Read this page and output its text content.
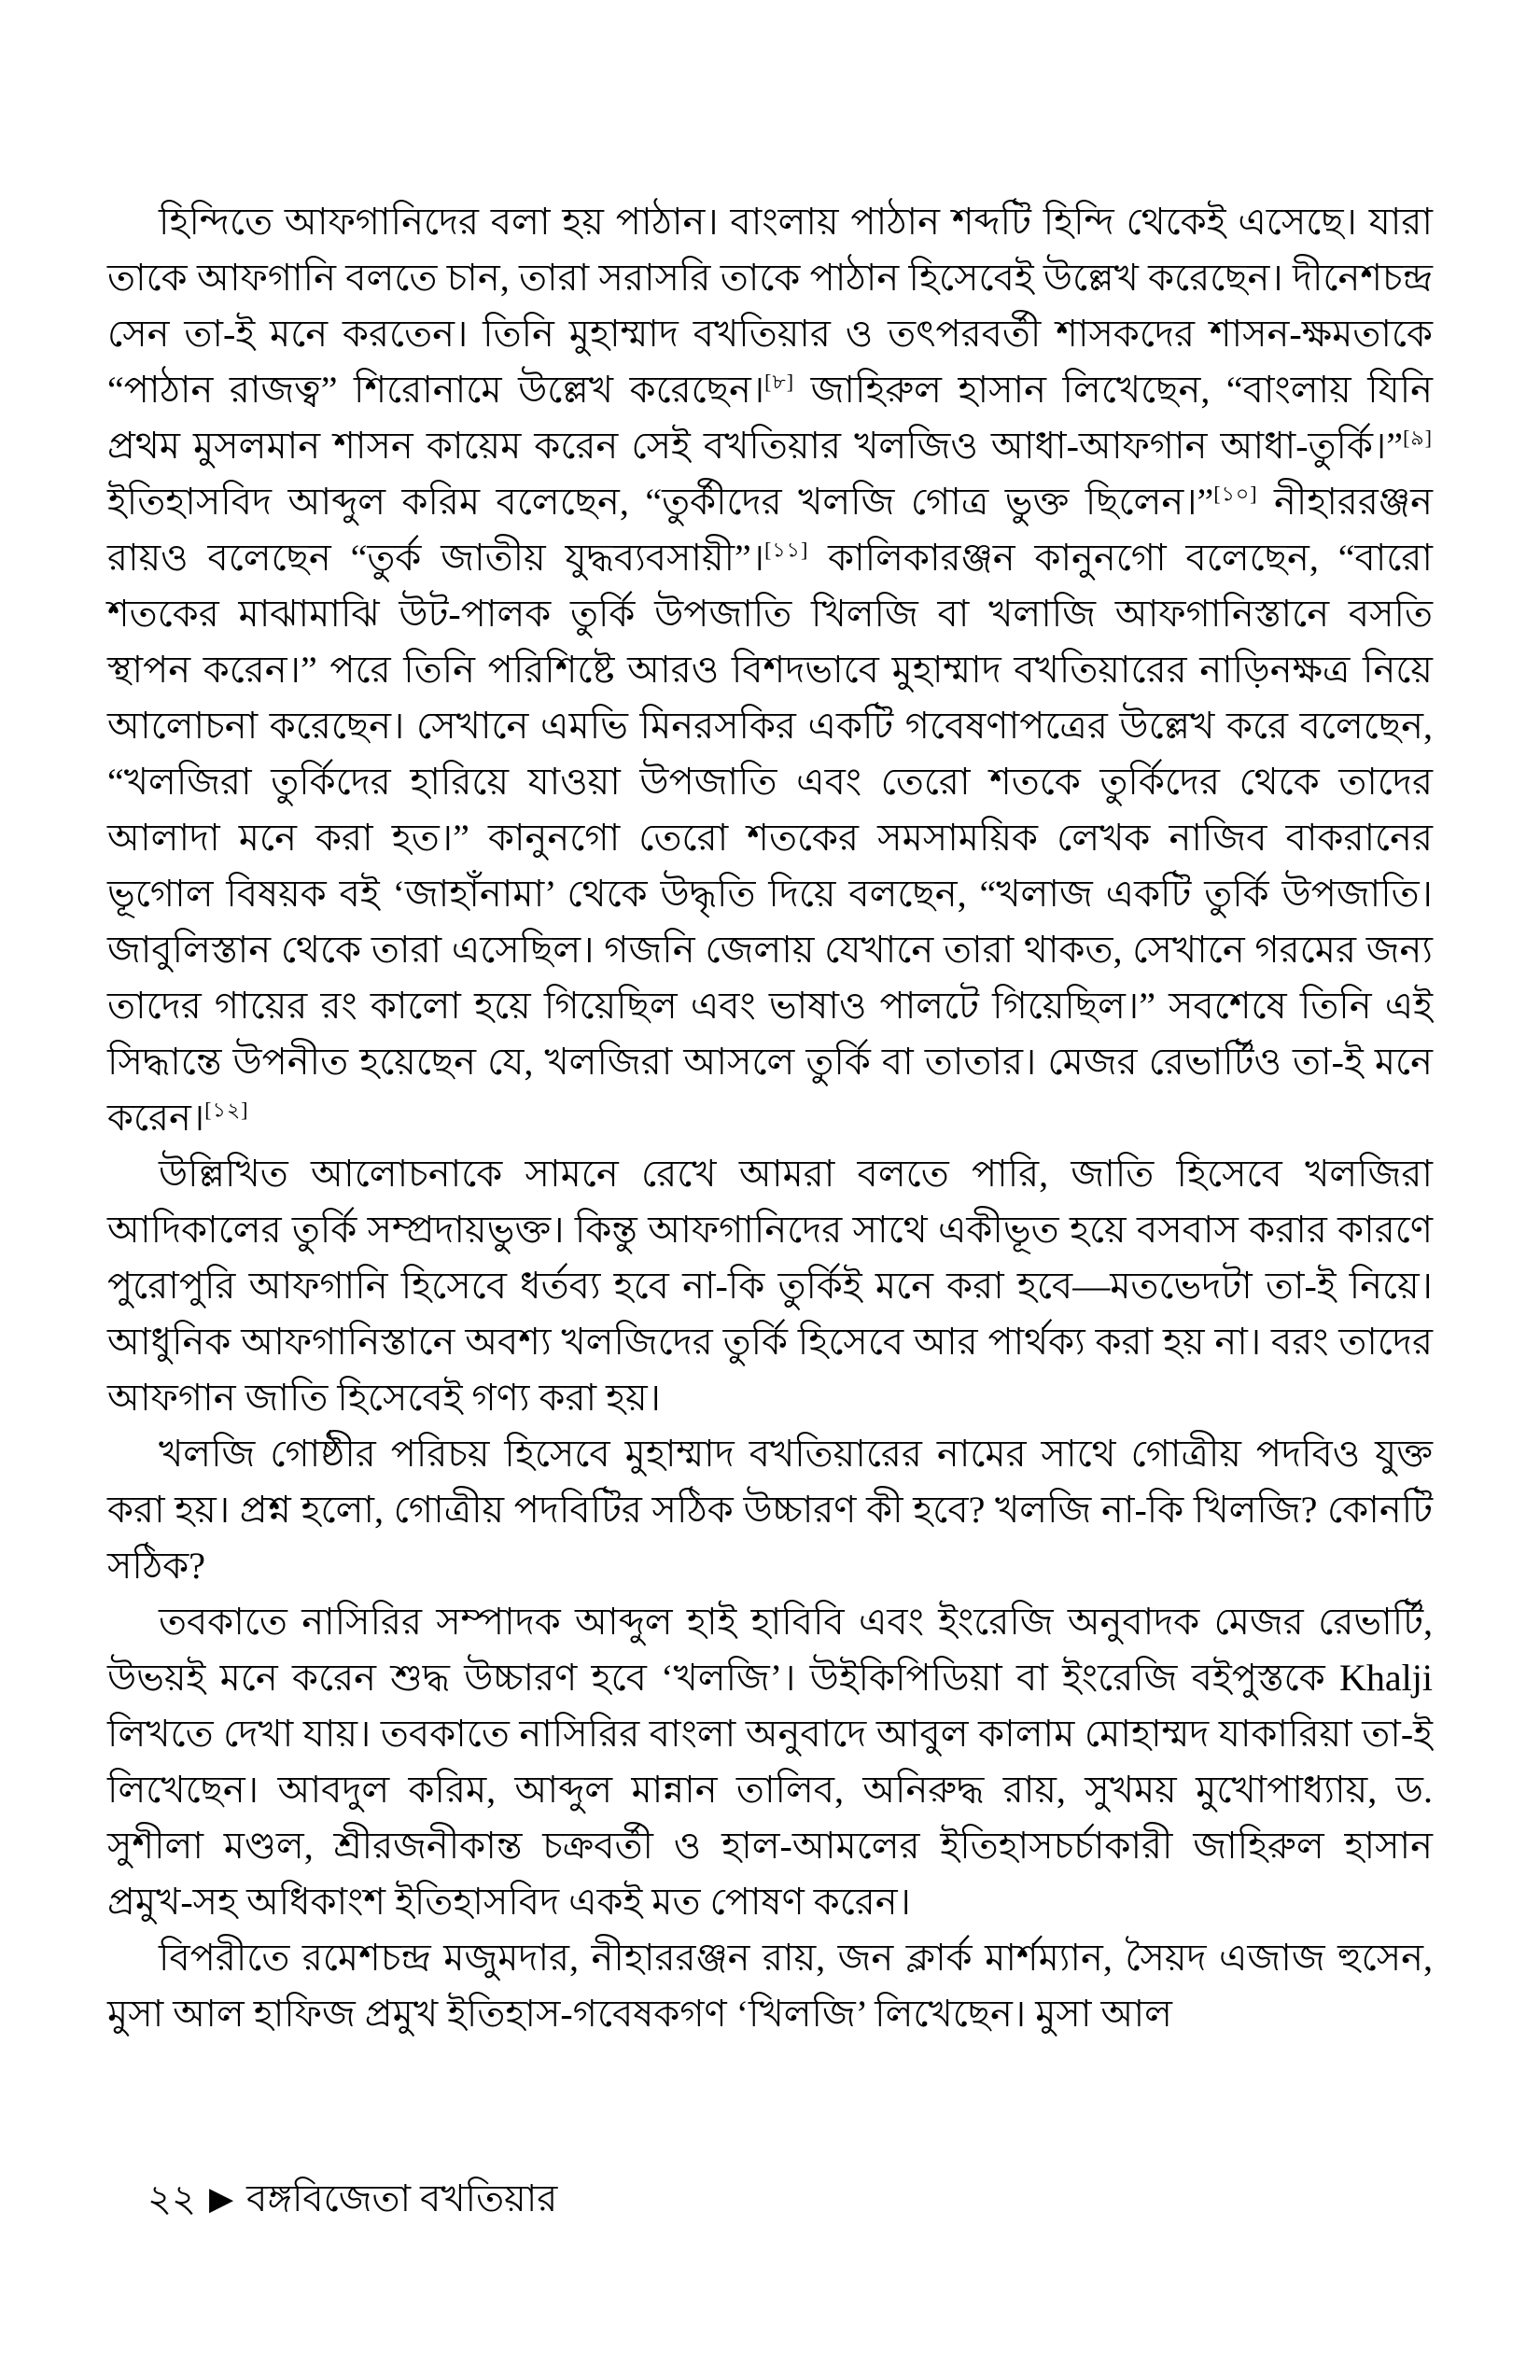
হিন্দিতে আফগানিদের বলা হয় পাঠান। বাংলায় পাঠান শব্দটি হিন্দি থেকেই এসেছে। যারা তাকে আফগানি বলতে চান, তারা সরাসরি তাকে পাঠান হিসেবেই উল্লেখ করেছেন। দীনেশচন্দ্র সেন তা-ই মনে করতেন। তিনি মুহাম্মাদ বখতিয়ার ও তৎপরবর্তী শাসকদের শাসন-ক্ষমতাকে “পাঠান রাজত্ব” শিরোনামে উল্লেখ করেছেন।[৮] জাহিরুল হাসান লিখেছেন, “বাংলায় যিনি প্রথম মুসলমান শাসন কায়েম করেন সেই বখতিয়ার খলজিও আধা-আফগান আধা-তুর্কি।”[৯] ইতিহাসবিদ আব্দুল করিম বলেছেন, “তুর্কীদের খলজি গোত্র ভুক্ত ছিলেন।”[১০] নীহাররঞ্জন রায়ও বলেছেন “তুর্ক জাতীয় যুদ্ধব্যবসায়ী”।[১১] কালিকারঞ্জন কানুনগো বলেছেন, “বারো শতকের মাঝামাঝি উট-পালক তুর্কি উপজাতি খিলজি বা খলাজি আফগানিস্তানে বসতি স্থাপন করেন।” পরে তিনি পরিশিষ্টে আরও বিশদভাবে মুহাম্মাদ বখতিয়ারের নাড়িনক্ষত্র নিয়ে আলোচনা করেছেন। সেখানে এমভি মিনরসকির একটি গবেষণাপত্রের উল্লেখ করে বলেছেন, “খলজিরা তুর্কিদের হারিয়ে যাওয়া উপজাতি এবং তেরো শতকে তুর্কিদের থেকে তাদের আলাদা মনে করা হত।” কানুনগো তেরো শতকের সমসাময়িক লেখক নাজিব বাকরানের ভূগোল বিষয়ক বই ‘জাহাঁনামা’ থেকে উদ্ধৃতি দিয়ে বলছেন, “খলাজ একটি তুর্কি উপজাতি। জাবুলিস্তান থেকে তারা এসেছিল। গজনি জেলায় যেখানে তারা থাকত, সেখানে গরমের জন্য তাদের গায়ের রং কালো হয়ে গিয়েছিল এবং ভাষাও পালটে গিয়েছিল।” সবশেষে তিনি এই সিদ্ধান্তে উপনীত হয়েছেন যে, খলজিরা আসলে তুর্কি বা তাতার। মেজর রেভার্টিও তা-ই মনে করেন।[১২]

উল্লিখিত আলোচনাকে সামনে রেখে আমরা বলতে পারি, জাতি হিসেবে খলজিরা আদিকালের তুর্কি সম্প্রদায়ভুক্ত। কিন্তু আফগানিদের সাথে একীভূত হয়ে বসবাস করার কারণে পুরোপুরি আফগানি হিসেবে ধর্তব্য হবে না-কি তুর্কিই মনে করা হবে—মতভেদটা তা-ই নিয়ে। আধুনিক আফগানিস্তানে অবশ্য খলজিদের তুর্কি হিসেবে আর পার্থক্য করা হয় না। বরং তাদের আফগান জাতি হিসেবেই গণ্য করা হয়।

খলজি গোষ্ঠীর পরিচয় হিসেবে মুহাম্মাদ বখতিয়ারের নামের সাথে গোত্রীয় পদবিও যুক্ত করা হয়। প্রশ্ন হলো, গোত্রীয় পদবিটির সঠিক উচ্চারণ কী হবে? খলজি না-কি খিলজি? কোনটি সঠিক?

তবকাতে নাসিরির সম্পাদক আব্দুল হাই হাবিবি এবং ইংরেজি অনুবাদক মেজর রেভার্টি, উভয়ই মনে করেন শুদ্ধ উচ্চারণ হবে ‘খলজি’। উইকিপিডিয়া বা ইংরেজি বইপুস্তকে Khalji লিখতে দেখা যায়। তবকাতে নাসিরির বাংলা অনুবাদে আবুল কালাম মোহাম্মদ যাকারিয়া তা-ই লিখেছেন। আবদুল করিম, আব্দুল মান্নান তালিব, অনিরুদ্ধ রায়, সুখময় মুখোপাধ্যায়, ড. সুশীলা মণ্ডল, শ্রীরজনীকান্ত চক্রবর্তী ও হাল-আমলের ইতিহাসচর্চাকারী জাহিরুল হাসান প্রমুখ-সহ অধিকাংশ ইতিহাসবিদ একই মত পোষণ করেন।

বিপরীতে রমেশচন্দ্র মজুমদার, নীহাররঞ্জন রায়, জন ক্লার্ক মার্শম্যান, সৈয়দ এজাজ হুসেন, মুসা আল হাফিজ প্রমুখ ইতিহাস-গবেষকগণ ‘খিলজি’ লিখেছেন। মুসা আল

২২ ▶ বঙ্গবিজেতা বখতিয়ার
